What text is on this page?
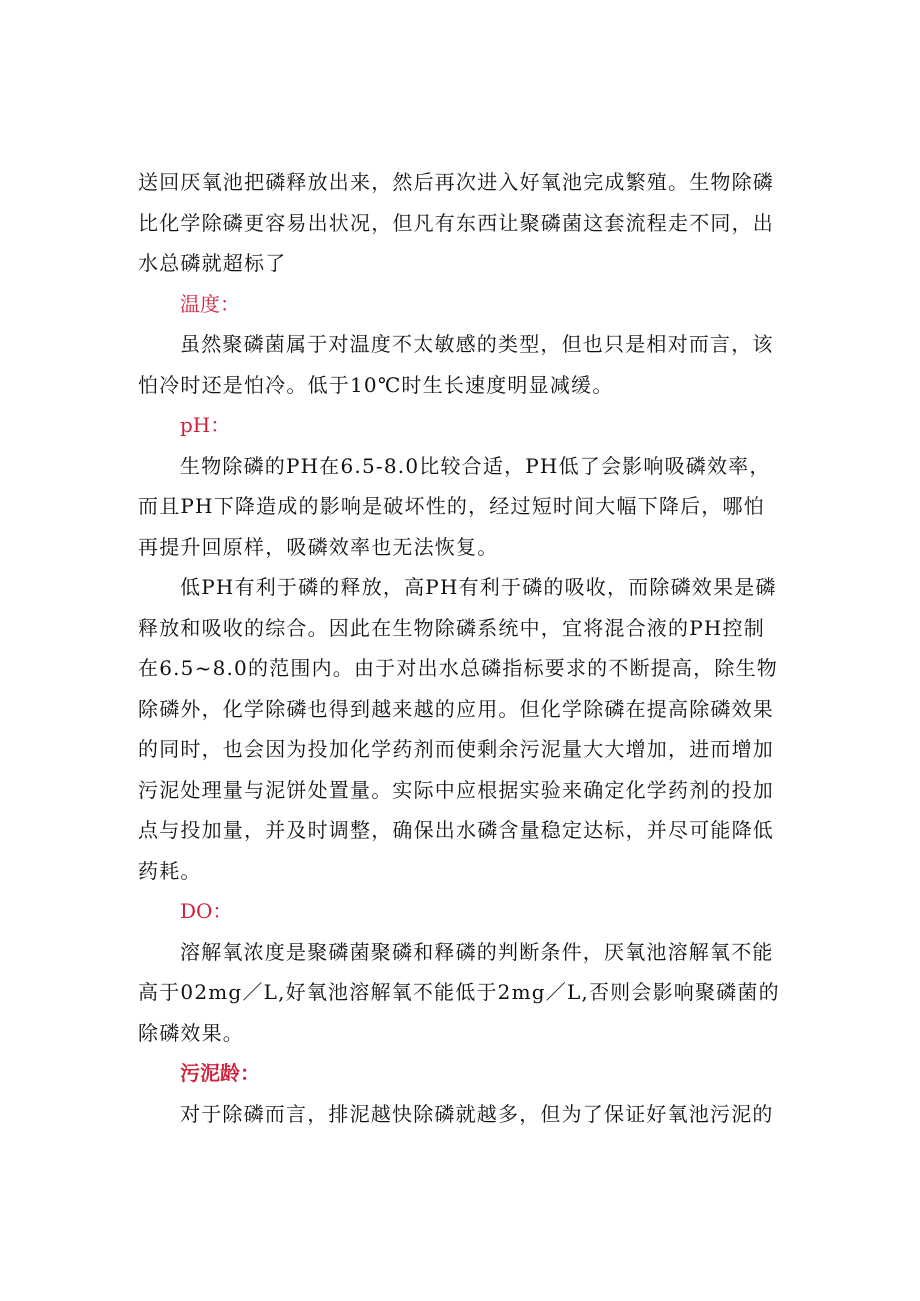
送回厌氧池把磷释放出来，然后再次进入好氧池完成繁殖。生物除磷
比化学除磷更容易出状况，但凡有东西让聚磷菌这套流程走不同，出
水总磷就超标了

温度：

虽然聚磷菌属于对温度不太敏感的类型，但也只是相对而言，该
怕冷时还是怕冷。低于10℃时生长速度明显减缓。

pH：

生物除磷的PH在6.5-8.0比较合适，PH低了会影响吸磷效率，
而且PH下降造成的影响是破坏性的，经过短时间大幅下降后，哪怕
再提升回原样，吸磷效率也无法恢复。

低PH有利于磷的释放，高PH有利于磷的吸收，而除磷效果是磷
释放和吸收的综合。因此在生物除磷系统中，宜将混合液的PH控制
在6.5~8.0的范围内。由于对出水总磷指标要求的不断提高，除生物
除磷外，化学除磷也得到越来越的应用。但化学除磷在提高除磷效果
的同时，也会因为投加化学药剂而使剩余污泥量大大增加，进而增加
污泥处理量与泥饼处置量。实际中应根据实验来确定化学药剂的投加
点与投加量，并及时调整，确保出水磷含量稳定达标，并尽可能降低
药耗。

DO：

溶解氧浓度是聚磷菌聚磷和释磷的判断条件，厌氧池溶解氧不能
高于02mg／L,好氧池溶解氧不能低于2mg／L,否则会影响聚磷菌的
除磷效果。

污泥龄：

对于除磷而言，排泥越快除磷就越多，但为了保证好氧池污泥的
